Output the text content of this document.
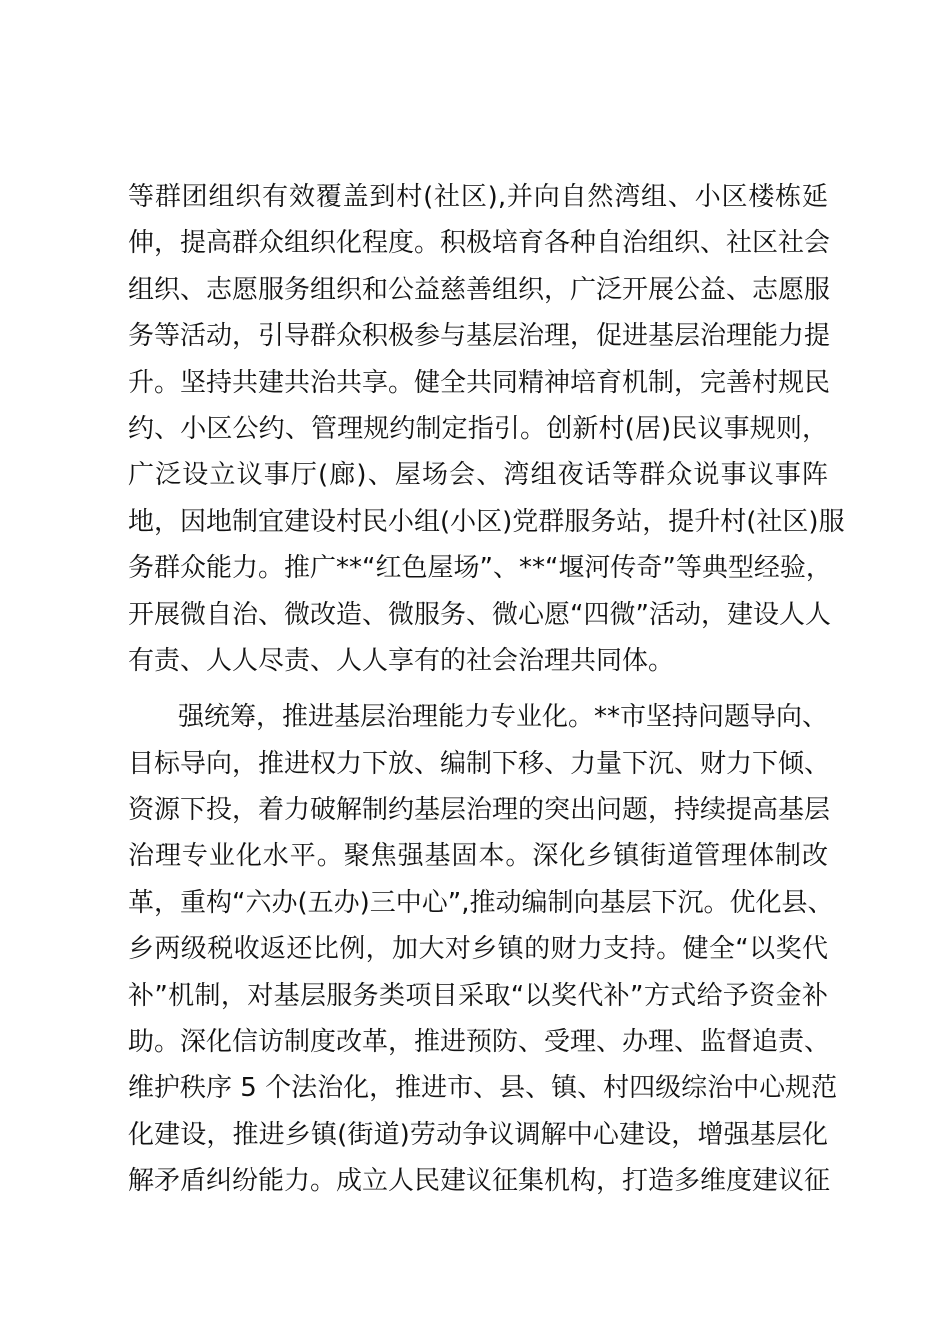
等群团组织有效覆盖到村(社区),并向自然湾组、小区楼栋延
伸，提高群众组织化程度。积极培育各种自治组织、社区社会
组织、志愿服务组织和公益慈善组织，广泛开展公益、志愿服
务等活动，引导群众积极参与基层治理，促进基层治理能力提
升。坚持共建共治共享。健全共同精神培育机制，完善村规民
约、小区公约、管理规约制定指引。创新村(居)民议事规则，
广泛设立议事厅(廊)、屋场会、湾组夜话等群众说事议事阵
地，因地制宜建设村民小组(小区)党群服务站，提升村(社区)服
务群众能力。推广**“红色屋场”、**“堰河传奇”等典型经验，
开展微自治、微改造、微服务、微心愿“四微”活动，建设人人
有责、人人尽责、人人享有的社会治理共同体。
强统筹，推进基层治理能力专业化。**市坚持问题导向、
目标导向，推进权力下放、编制下移、力量下沉、财力下倾、
资源下投，着力破解制约基层治理的突出问题，持续提高基层
治理专业化水平。聚焦强基固本。深化乡镇街道管理体制改
革，重构“六办(五办)三中心”,推动编制向基层下沉。优化县、
乡两级税收返还比例，加大对乡镇的财力支持。健全“以奖代
补”机制，对基层服务类项目采取“以奖代补”方式给予资金补
助。深化信访制度改革，推进预防、受理、办理、监督追责、
维护秩序 5 个法治化，推进市、县、镇、村四级综治中心规范
化建设，推进乡镇(街道)劳动争议调解中心建设，增强基层化
解矛盾纠纷能力。成立人民建议征集机构，打造多维度建议征
